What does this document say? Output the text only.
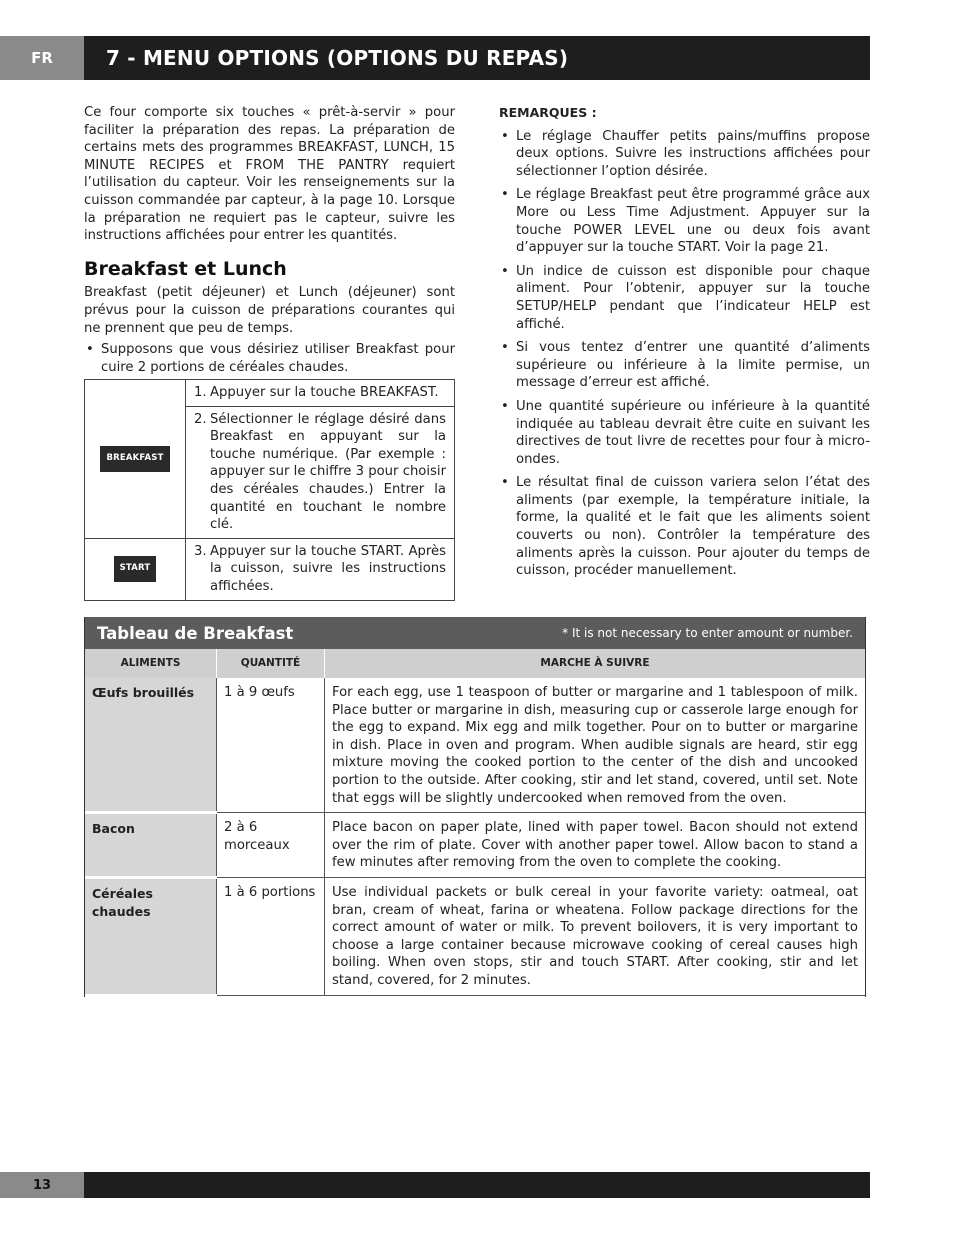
FR	7 - MENU OPTIONS (OPTIONS DU REPAS)

Ce four comporte six touches « prêt-à-servir » pour faciliter la préparation des repas. La préparation de certains mets des programmes BREAKFAST, LUNCH, 15 MINUTE RECIPES et FROM THE PANTRY requiert l’utilisation du capteur. Voir les renseignements sur la cuisson commandée par capteur, à la page 10. Lorsque la préparation ne requiert pas le capteur, suivre les instructions affichées pour entrer les quantités.

Breakfast et Lunch

Breakfast (petit déjeuner) et Lunch (déjeuner) sont prévus pour la cuisson de préparations courantes qui ne prennent que peu de temps.

• Supposons que vous désiriez utiliser Breakfast pour cuire 2 portions de céréales chaudes.
BREAKFAST	1. Appuyer sur la touche BREAKFAST.

	2. Sélectionner le réglage désiré dans Breakfast en appuyant sur la touche numérique. (Par exemple : appuyer sur le chiffre 3 pour choisir des céréales chaudes.) Entrer la quantité en touchant le nombre clé.

START	3. Appuyer sur la touche START. Après la cuisson, suivre les instructions affichées.
REMARQUES :
• Le réglage Chauffer petits pains/muffins propose deux options. Suivre les instructions affichées pour sélectionner l’option désirée.
• Le réglage Breakfast peut être programmé grâce aux More ou Less Time Adjustment. Appuyer sur la touche POWER LEVEL une ou deux fois avant d’appuyer sur la touche START. Voir la page 21.
• Un indice de cuisson est disponible pour chaque aliment. Pour l’obtenir, appuyer sur la touche SETUP/HELP pendant que l’indicateur HELP est affiché.
• Si vous tentez d’entrer une quantité d’aliments supérieure ou inférieure à la limite permise, un message d’erreur est affiché.
• Une quantité supérieure ou inférieure à la quantité indiquée au tableau devrait être cuite en suivant les directives de tout livre de recettes pour four à micro-ondes.
• Le résultat final de cuisson variera selon l’état des aliments (par exemple, la température initiale, la forme, la qualité et le fait que les aliments soient couverts ou non). Contrôler la température des aliments après la cuisson. Pour ajouter du temps de cuisson, procéder manuellement.
Tableau de Breakfast	* It is not necessary to enter amount or number.
ALIMENTS	QUANTITÉ	MARCHE À SUIVRE
Œufs brouillés	1 à 9 œufs	For each egg, use 1 teaspoon of butter or margarine and 1 tablespoon of milk. Place butter or margarine in dish, measuring cup or casserole large enough for the egg to expand. Mix egg and milk together. Pour on to butter or margarine in dish. Place in oven and program. When audible signals are heard, stir egg mixture moving the cooked portion to the center of the dish and uncooked portion to the outside. After cooking, stir and let stand, covered, until set. Note that eggs will be slightly undercooked when removed from the oven.
Bacon	2 à 6 morceaux	Place bacon on paper plate, lined with paper towel. Bacon should not extend over the rim of plate. Cover with another paper towel. Allow bacon to stand a few minutes after removing from the oven to complete the cooking.
Céréales chaudes	1 à 6 portions	Use individual packets or bulk cereal in your favorite variety: oatmeal, oat bran, cream of wheat, farina or wheatena. Follow package directions for the correct amount of water or milk. To prevent boilovers, it is very important to choose a large container because microwave cooking of cereal causes high boiling. When oven stops, stir and touch START. After cooking, stir and let stand, covered, for 2 minutes.
13
